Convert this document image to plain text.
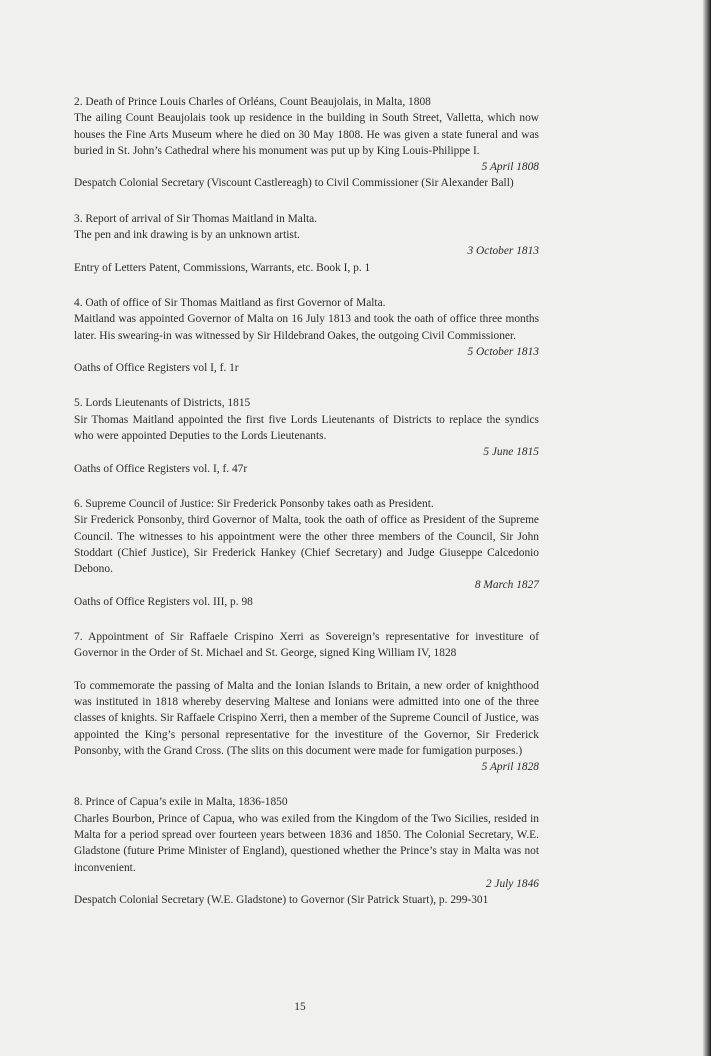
2. Death of Prince Louis Charles of Orléans, Count Beaujolais, in Malta, 1808

The ailing Count Beaujolais took up residence in the building in South Street, Valletta, which now houses the Fine Arts Museum where he died on 30 May 1808. He was given a state funeral and was buried in St. John’s Cathedral where his monument was put up by King Louis-Philippe I.

5 April 1808

Despatch Colonial Secretary (Viscount Castlereagh) to Civil Commissioner (Sir Alexander Ball)

3. Report of arrival of Sir Thomas Maitland in Malta.

The pen and ink drawing is by an unknown artist.

3 October 1813

Entry of Letters Patent, Commissions, Warrants, etc. Book I, p. 1

4. Oath of office of Sir Thomas Maitland as first Governor of Malta.

Maitland was appointed Governor of Malta on 16 July 1813 and took the oath of office three months later. His swearing-in was witnessed by Sir Hildebrand Oakes, the outgoing Civil Commissioner.

5 October 1813

Oaths of Office Registers vol I, f. 1r

5. Lords Lieutenants of Districts, 1815

Sir Thomas Maitland appointed the first five Lords Lieutenants of Districts to replace the syndics who were appointed Deputies to the Lords Lieutenants.

5 June 1815

Oaths of Office Registers vol. I, f. 47r

6. Supreme Council of Justice: Sir Frederick Ponsonby takes oath as President.

Sir Frederick Ponsonby, third Governor of Malta, took the oath of office as President of the Supreme Council. The witnesses to his appointment were the other three members of the Council, Sir John Stoddart (Chief Justice), Sir Frederick Hankey (Chief Secretary) and Judge Giuseppe Calcedonio Debono.

8 March 1827

Oaths of Office Registers vol. III, p. 98

7. Appointment of Sir Raffaele Crispino Xerri as Sovereign’s representative for investiture of Governor in the Order of St. Michael and St. George, signed King William IV, 1828

To commemorate the passing of Malta and the Ionian Islands to Britain, a new order of knighthood was instituted in 1818 whereby deserving Maltese and Ionians were admitted into one of the three classes of knights. Sir Raffaele Crispino Xerri, then a member of the Supreme Council of Justice, was appointed the King’s personal representative for the investiture of the Governor, Sir Frederick Ponsonby, with the Grand Cross. (The slits on this document were made for fumigation purposes.)

5 April 1828

8. Prince of Capua’s exile in Malta, 1836-1850

Charles Bourbon, Prince of Capua, who was exiled from the Kingdom of the Two Sicilies, resided in Malta for a period spread over fourteen years between 1836 and 1850. The Colonial Secretary, W.E. Gladstone (future Prime Minister of England), questioned whether the Prince’s stay in Malta was not inconvenient.

2 July 1846

Despatch Colonial Secretary (W.E. Gladstone) to Governor (Sir Patrick Stuart), p. 299-301

15
